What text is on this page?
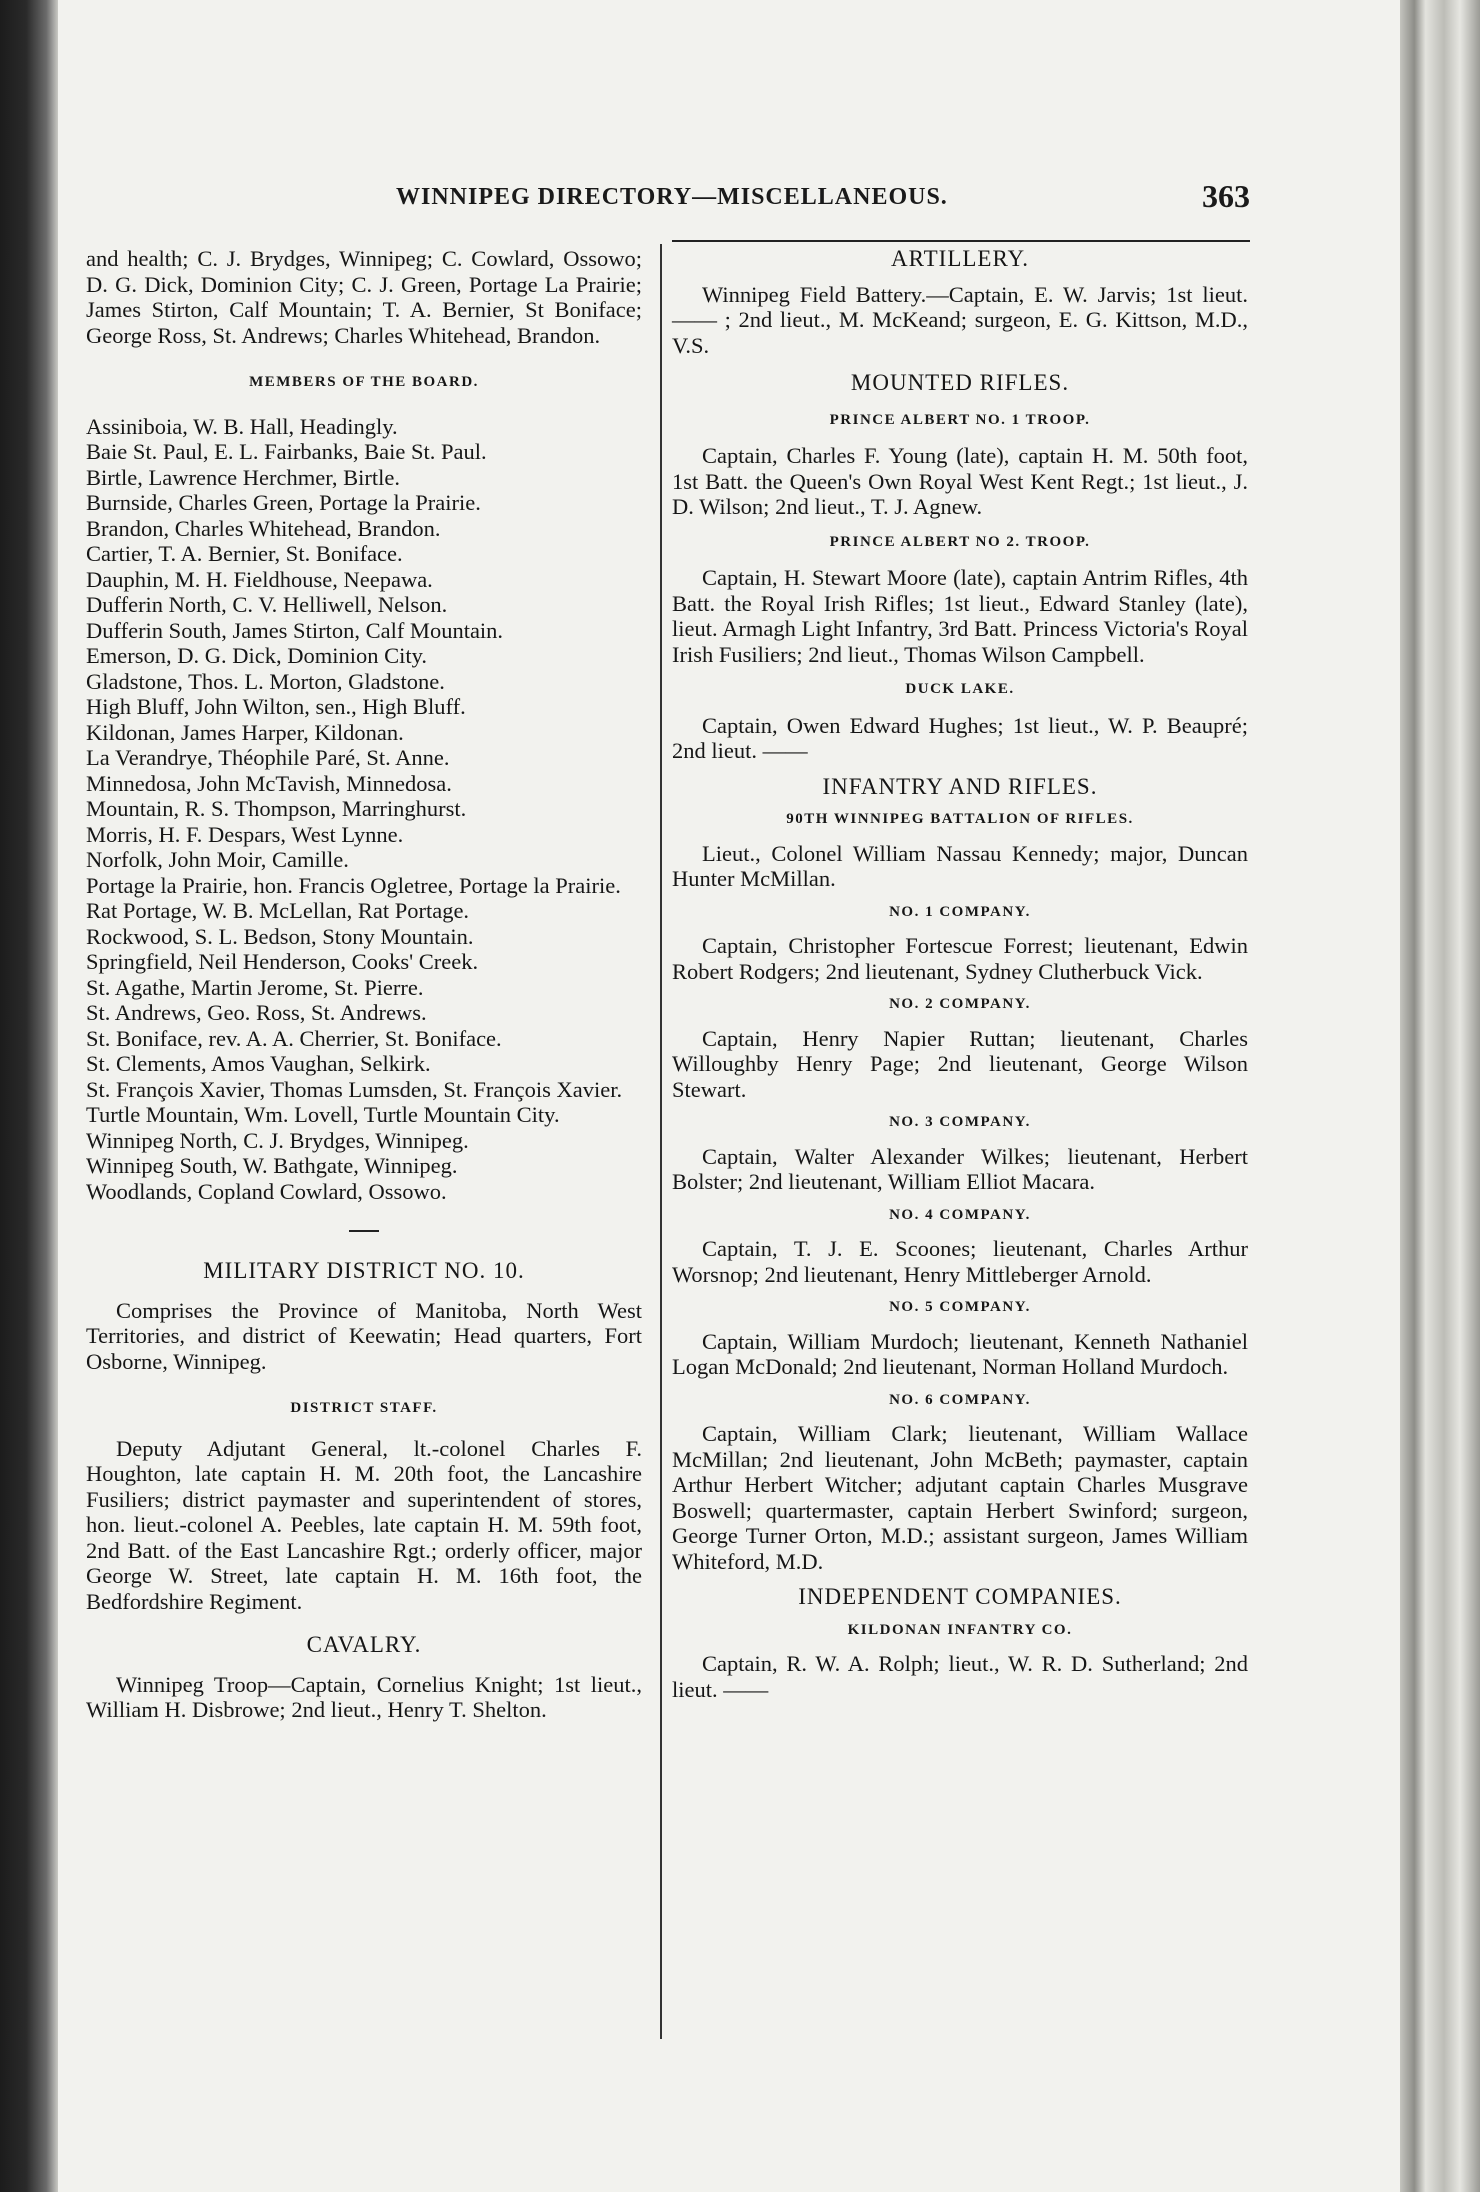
WINNIPEG DIRECTORY—MISCELLANEOUS.	363

and health; C. J. Brydges, Winnipeg; C. Cowlard, Ossowo; D. G. Dick, Dominion City; C. J. Green, Portage La Prairie; James Stirton, Calf Mountain; T. A. Bernier, St Boniface; George Ross, St. Andrews; Charles Whitehead, Brandon.

MEMBERS OF THE BOARD.

Assiniboia, W. B. Hall, Headingly.

Baie St. Paul, E. L. Fairbanks, Baie St. Paul.

Birtle, Lawrence Herchmer, Birtle.

Burnside, Charles Green, Portage la Prairie.

Brandon, Charles Whitehead, Brandon.

Cartier, T. A. Bernier, St. Boniface.

Dauphin, M. H. Fieldhouse, Neepawa.

Dufferin North, C. V. Helliwell, Nelson.

Dufferin South, James Stirton, Calf Mountain.

Emerson, D. G. Dick, Dominion City.

Gladstone, Thos. L. Morton, Gladstone.

High Bluff, John Wilton, sen., High Bluff.

Kildonan, James Harper, Kildonan.

La Verandrye, Théophile Paré, St. Anne.

Minnedosa, John McTavish, Minnedosa.

Mountain, R. S. Thompson, Marringhurst.

Morris, H. F. Despars, West Lynne.

Norfolk, John Moir, Camille.

Portage la Prairie, hon. Francis Ogletree, Portage la Prairie.

Rat Portage, W. B. McLellan, Rat Portage.

Rockwood, S. L. Bedson, Stony Mountain.

Springfield, Neil Henderson, Cooks' Creek.

St. Agathe, Martin Jerome, St. Pierre.

St. Andrews, Geo. Ross, St. Andrews.

St. Boniface, rev. A. A. Cherrier, St. Boniface.

St. Clements, Amos Vaughan, Selkirk.

St. François Xavier, Thomas Lumsden, St. François Xavier.

Turtle Mountain, Wm. Lovell, Turtle Mountain City.

Winnipeg North, C. J. Brydges, Winnipeg.

Winnipeg South, W. Bathgate, Winnipeg.

Woodlands, Copland Cowlard, Ossowo.

MILITARY DISTRICT NO. 10.

Comprises the Province of Manitoba, North West Territories, and district of Keewatin; Head quarters, Fort Osborne, Winnipeg.

DISTRICT STAFF.

Deputy Adjutant General, lt.-colonel Charles F. Houghton, late captain H. M. 20th foot, the Lancashire Fusiliers; district paymaster and superintendent of stores, hon. lieut.-colonel A. Peebles, late captain H. M. 59th foot, 2nd Batt. of the East Lancashire Rgt.; orderly officer, major George W. Street, late captain H. M. 16th foot, the Bedfordshire Regiment.

CAVALRY.

Winnipeg Troop—Captain, Cornelius Knight; 1st lieut., William H. Disbrowe; 2nd lieut., Henry T. Shelton.

ARTILLERY.

Winnipeg Field Battery.—Captain, E. W. Jarvis; 1st lieut. —— ; 2nd lieut., M. McKeand; surgeon, E. G. Kittson, M.D., V.S.

MOUNTED RIFLES.
PRINCE ALBERT NO. 1 TROOP.

Captain, Charles F. Young (late), captain H. M. 50th foot, 1st Batt. the Queen's Own Royal West Kent Regt.; 1st lieut., J. D. Wilson; 2nd lieut., T. J. Agnew.

PRINCE ALBERT NO 2. TROOP.

Captain, H. Stewart Moore (late), captain Antrim Rifles, 4th Batt. the Royal Irish Rifles; 1st lieut., Edward Stanley (late), lieut. Armagh Light Infantry, 3rd Batt. Princess Victoria's Royal Irish Fusiliers; 2nd lieut., Thomas Wilson Campbell.

DUCK LAKE.

Captain, Owen Edward Hughes; 1st lieut., W. P. Beaupré; 2nd lieut. ——

INFANTRY AND RIFLES.
90TH WINNIPEG BATTALION OF RIFLES.

Lieut., Colonel William Nassau Kennedy; major, Duncan Hunter McMillan.

NO. 1 COMPANY.

Captain, Christopher Fortescue Forrest; lieutenant, Edwin Robert Rodgers; 2nd lieutenant, Sydney Clutherbuck Vick.

NO. 2 COMPANY.

Captain, Henry Napier Ruttan; lieutenant, Charles Willoughby Henry Page; 2nd lieutenant, George Wilson Stewart.

NO. 3 COMPANY.

Captain, Walter Alexander Wilkes; lieutenant, Herbert Bolster; 2nd lieutenant, William Elliot Macara.

NO. 4 COMPANY.

Captain, T. J. E. Scoones; lieutenant, Charles Arthur Worsnop; 2nd lieutenant, Henry Mittleberger Arnold.

NO. 5 COMPANY.

Captain, William Murdoch; lieutenant, Kenneth Nathaniel Logan McDonald; 2nd lieutenant, Norman Holland Murdoch.

NO. 6 COMPANY.

Captain, William Clark; lieutenant, William Wallace McMillan; 2nd lieutenant, John McBeth; paymaster, captain Arthur Herbert Witcher; adjutant captain Charles Musgrave Boswell; quartermaster, captain Herbert Swinford; surgeon, George Turner Orton, M.D.; assistant surgeon, James William Whiteford, M.D.

INDEPENDENT COMPANIES.
KILDONAN INFANTRY CO.

Captain, R. W. A. Rolph; lieut., W. R. D. Sutherland; 2nd lieut. ——
